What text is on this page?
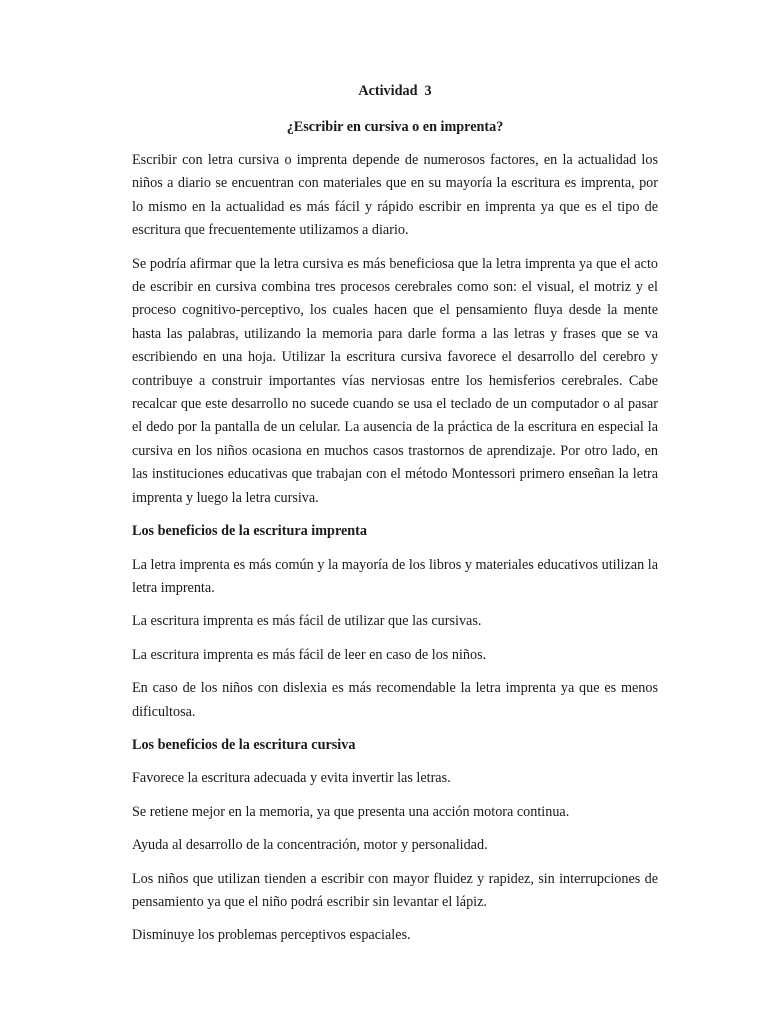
Actividad  3
¿Escribir en cursiva o en imprenta?

Escribir con letra cursiva o imprenta depende de numerosos factores, en la actualidad los niños a diario se encuentran con materiales que en su mayoría la escritura es imprenta, por lo mismo en la actualidad es más fácil y rápido escribir en imprenta ya que es el tipo de escritura que frecuentemente utilizamos a diario.

Se podría afirmar que la letra cursiva es más beneficiosa que la letra imprenta ya que el acto de escribir en cursiva combina tres procesos cerebrales como son: el visual, el motriz y el proceso cognitivo-perceptivo, los cuales hacen que el pensamiento fluya desde la mente hasta las palabras, utilizando la memoria para darle forma a las letras y frases que se va escribiendo en una hoja. Utilizar la escritura cursiva favorece el desarrollo del cerebro y contribuye a construir importantes vías nerviosas entre los hemisferios cerebrales. Cabe recalcar que este desarrollo no sucede cuando se usa el teclado de un computador o al pasar el dedo por la pantalla de un celular. La ausencia de la práctica de la escritura en especial la cursiva en los niños ocasiona en muchos casos trastornos de aprendizaje. Por otro lado, en las instituciones educativas que trabajan con el método Montessori primero enseñan la letra imprenta y luego la letra cursiva.

Los beneficios de la escritura imprenta

La letra imprenta es más común y la mayoría de los libros y materiales educativos utilizan la letra imprenta.

La escritura imprenta es más fácil de utilizar que las cursivas.

La escritura imprenta es más fácil de leer en caso de los niños.

En caso de los niños con dislexia es más recomendable la letra imprenta ya que es menos dificultosa.

Los beneficios de la escritura cursiva

Favorece la escritura adecuada y evita invertir las letras.

Se retiene mejor en la memoria, ya que presenta una acción motora continua.

Ayuda al desarrollo de la concentración, motor y personalidad.

Los niños que utilizan tienden a escribir con mayor fluidez y rapidez, sin interrupciones de pensamiento ya que el niño podrá escribir sin levantar el lápiz.

Disminuye los problemas perceptivos espaciales.
